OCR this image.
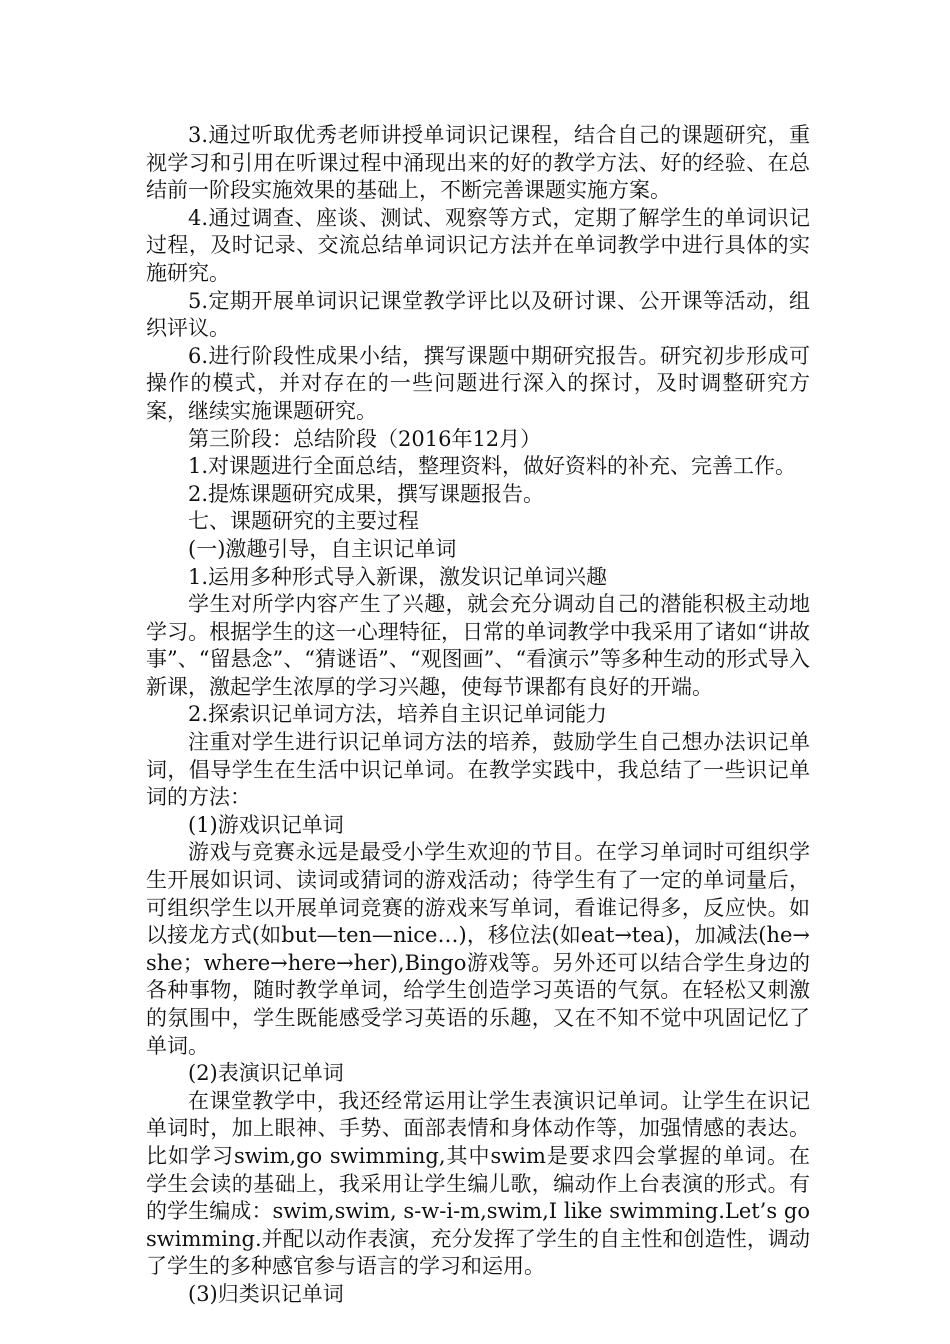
3.通过听取优秀老师讲授单词识记课程，结合自己的课题研究，重视学习和引用在听课过程中涌现出来的好的教学方法、好的经验、在总结前一阶段实施效果的基础上，不断完善课题实施方案。

4.通过调查、座谈、测试、观察等方式，定期了解学生的单词识记过程，及时记录、交流总结单词识记方法并在单词教学中进行具体的实施研究。

5.定期开展单词识记课堂教学评比以及研讨课、公开课等活动，组织评议。

6.进行阶段性成果小结，撰写课题中期研究报告。研究初步形成可操作的模式，并对存在的一些问题进行深入的探讨，及时调整研究方案，继续实施课题研究。

第三阶段：总结阶段（2016年12月）

1.对课题进行全面总结，整理资料，做好资料的补充、完善工作。

2.提炼课题研究成果，撰写课题报告。

七、课题研究的主要过程

(一)激趣引导，自主识记单词

1.运用多种形式导入新课，激发识记单词兴趣

学生对所学内容产生了兴趣，就会充分调动自己的潜能积极主动地学习。根据学生的这一心理特征，日常的单词教学中我采用了诸如“讲故事”、“留悬念”、“猜谜语”、“观图画”、“看演示”等多种生动的形式导入新课，激起学生浓厚的学习兴趣，使每节课都有良好的开端。

2.探索识记单词方法，培养自主识记单词能力

注重对学生进行识记单词方法的培养，鼓励学生自己想办法识记单词，倡导学生在生活中识记单词。在教学实践中，我总结了一些识记单词的方法：

(1)游戏识记单词

游戏与竞赛永远是最受小学生欢迎的节目。在学习单词时可组织学生开展如识词、读词或猜词的游戏活动；待学生有了一定的单词量后，可组织学生以开展单词竞赛的游戏来写单词，看谁记得多，反应快。如以接龙方式(如but—ten—nice…)，移位法(如eat→tea)，加减法(he→she；where→here→her),Bingo游戏等。另外还可以结合学生身边的各种事物，随时教学单词，给学生创造学习英语的气氛。在轻松又刺激的氛围中，学生既能感受学习英语的乐趣，又在不知不觉中巩固记忆了单词。

(2)表演识记单词

在课堂教学中，我还经常运用让学生表演识记单词。让学生在识记单词时，加上眼神、手势、面部表情和身体动作等，加强情感的表达。比如学习swim,go swimming,其中swim是要求四会掌握的单词。在学生会读的基础上，我采用让学生编儿歌，编动作上台表演的形式。有的学生编成：swim,swim, s-w-i-m,swim,I like swimming.Let’s go swimming.并配以动作表演，充分发挥了学生的自主性和创造性，调动了学生的多种感官参与语言的学习和运用。

(3)归类识记单词
